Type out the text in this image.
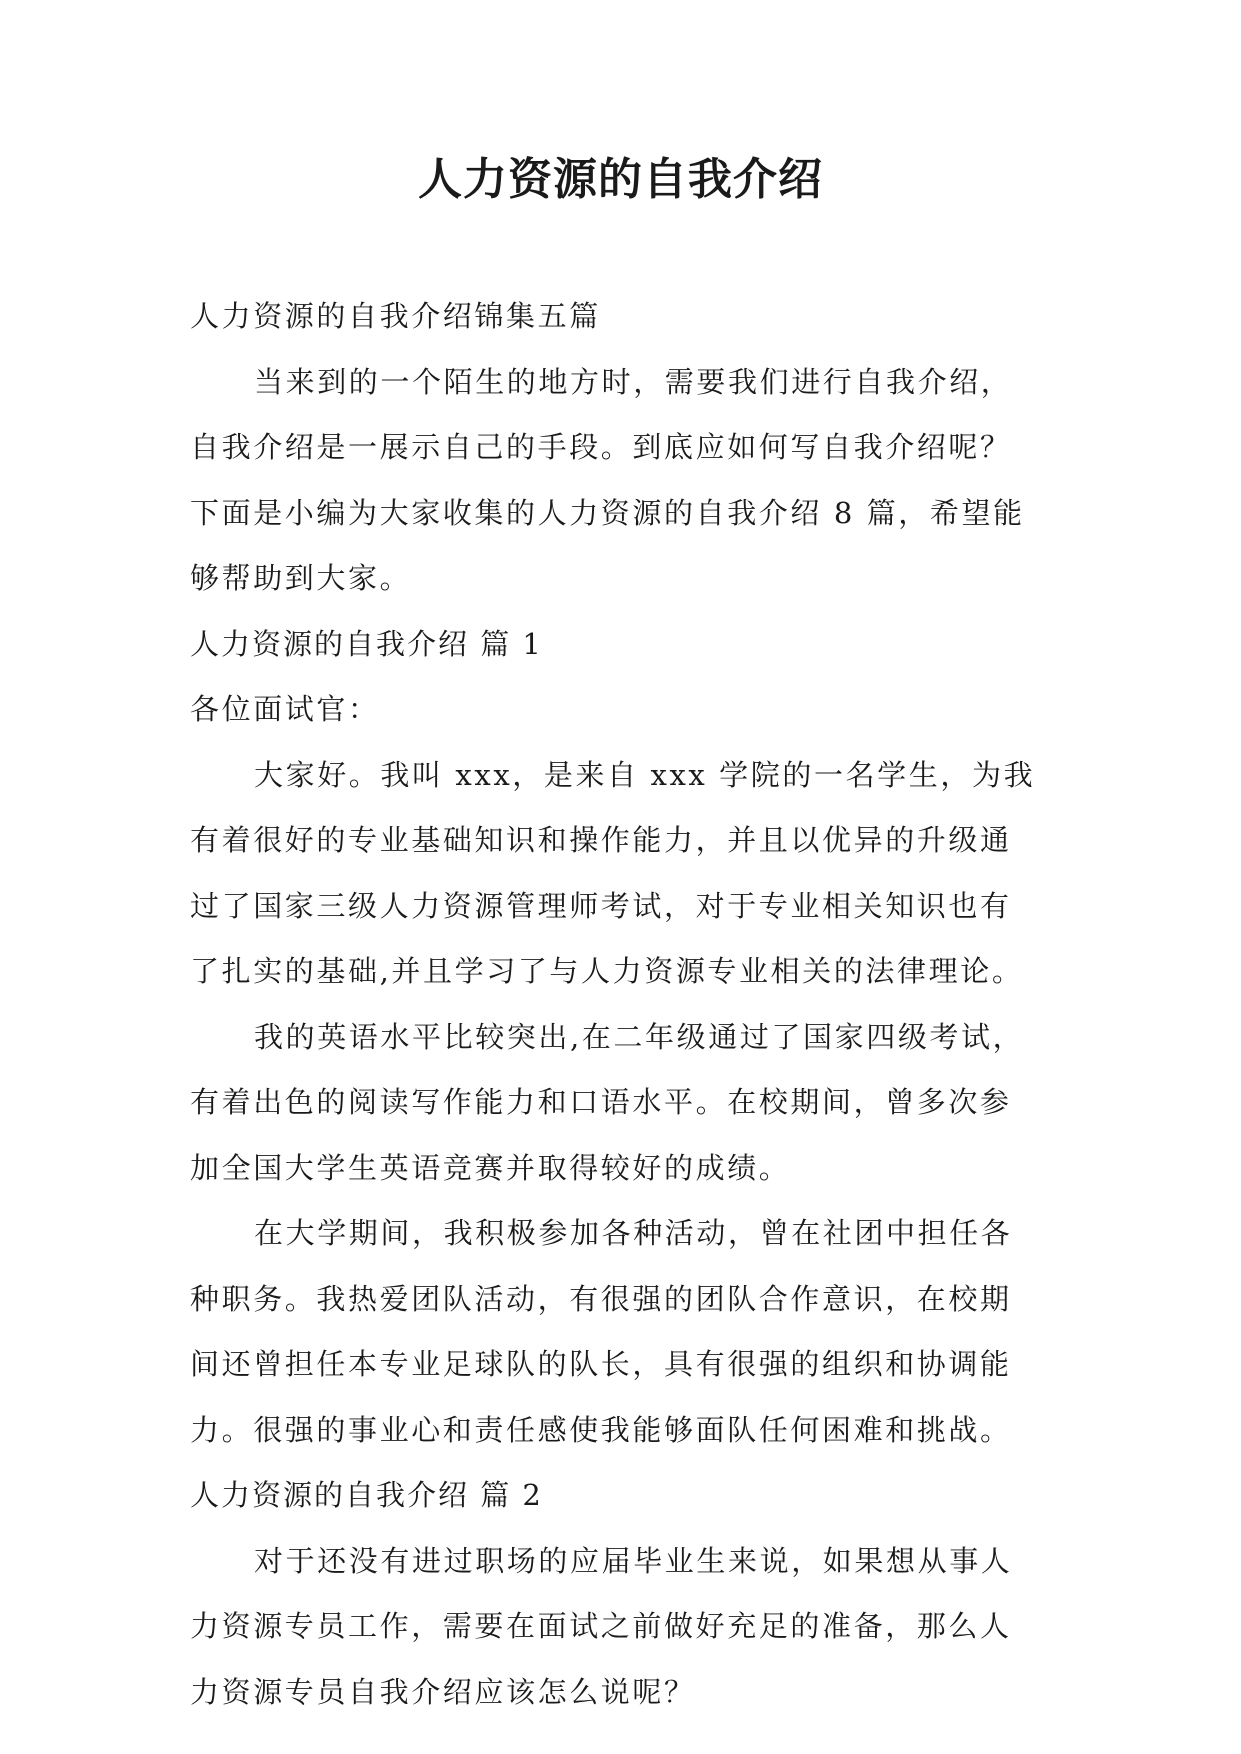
人力资源的自我介绍
人力资源的自我介绍锦集五篇
当来到的一个陌生的地方时，需要我们进行自我介绍，
自我介绍是一展示自己的手段。到底应如何写自我介绍呢？
下面是小编为大家收集的人力资源的自我介绍 8 篇，希望能
够帮助到大家。
人力资源的自我介绍 篇 1
各位面试官：
大家好。我叫 xxx，是来自 xxx 学院的一名学生，为我
有着很好的专业基础知识和操作能力，并且以优异的升级通
过了国家三级人力资源管理师考试，对于专业相关知识也有
了扎实的基础,并且学习了与人力资源专业相关的法律理论。
我的英语水平比较突出,在二年级通过了国家四级考试，
有着出色的阅读写作能力和口语水平。在校期间，曾多次参
加全国大学生英语竞赛并取得较好的成绩。
在大学期间，我积极参加各种活动，曾在社团中担任各
种职务。我热爱团队活动，有很强的团队合作意识，在校期
间还曾担任本专业足球队的队长，具有很强的组织和协调能
力。很强的事业心和责任感使我能够面队任何困难和挑战。
人力资源的自我介绍 篇 2
对于还没有进过职场的应届毕业生来说，如果想从事人
力资源专员工作，需要在面试之前做好充足的准备，那么人
力资源专员自我介绍应该怎么说呢？
